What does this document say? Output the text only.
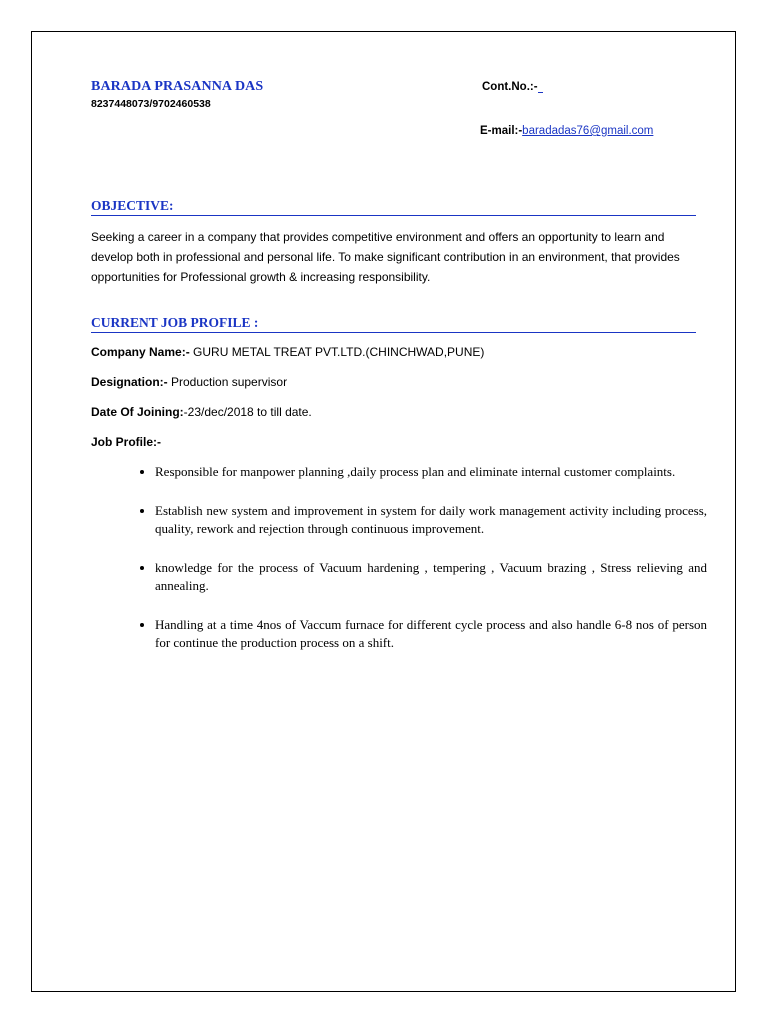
BARADA PRASANNA DAS
8237448073/9702460538
Cont.No.:-
E-mail:-baradadas76@gmail.com
OBJECTIVE:
Seeking a career in a company that provides competitive environment and offers an opportunity to learn and develop both in professional and personal life. To make significant contribution in an environment, that provides opportunities for Professional growth & increasing responsibility.
CURRENT JOB PROFILE :
Company Name:- GURU METAL TREAT PVT.LTD.(CHINCHWAD,PUNE)
Designation:- Production supervisor
Date Of Joining:-23/dec/2018 to till date.
Job Profile:-
• Responsible for manpower planning ,daily process plan and eliminate internal customer complaints.
• Establish new system and improvement in system for daily work management activity including process, quality, rework and rejection through continuous improvement.
• knowledge for the process of Vacuum hardening , tempering , Vacuum brazing , Stress relieving and annealing.
• Handling at a time 4nos of Vaccum furnace for different cycle process and also handle 6-8 nos of person for continue the production process on a shift.
